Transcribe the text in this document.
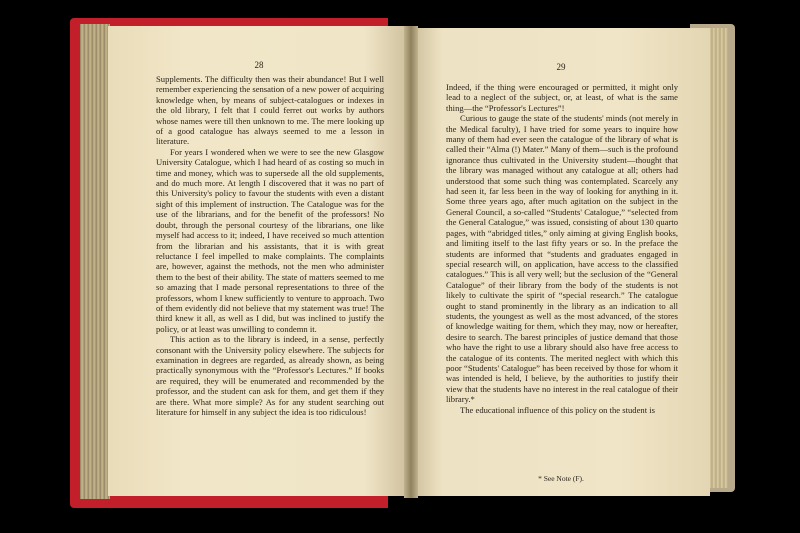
28

Supplements. The difficulty then was their abundance! But I well remember experiencing the sensation of a new power of acquiring knowledge when, by means of subject-catalogues or indexes in the old library, I felt that I could ferret out works by authors whose names were till then unknown to me. The mere looking up of a good catalogue has always seemed to me a lesson in literature.

For years I wondered when we were to see the new Glasgow University Catalogue, which I had heard of as costing so much in time and money, which was to supersede all the old supplements, and do much more. At length I discovered that it was no part of this University's policy to favour the students with even a distant sight of this implement of instruction. The Catalogue was for the use of the librarians, and for the benefit of the professors! No doubt, through the personal courtesy of the librarians, one like myself had access to it; indeed, I have received so much attention from the librarian and his assistants, that it is with great reluctance I feel impelled to make complaints. The complaints are, however, against the methods, not the men who administer them to the best of their ability. The state of matters seemed to me so amazing that I made personal representations to three of the professors, whom I knew sufficiently to venture to approach. Two of them evidently did not believe that my statement was true! The third knew it all, as well as I did, but was inclined to justify the policy, or at least was unwilling to condemn it.

This action as to the library is indeed, in a sense, perfectly consonant with the University policy elsewhere. The subjects for examination in degrees are regarded, as already shown, as being practically synonymous with the “Professor's Lectures.” If books are required, they will be enumerated and recommended by the professor, and the student can ask for them, and get them if they are there. What more simple? As for any student searching out literature for himself in any subject the idea is too ridiculous!

29

Indeed, if the thing were encouraged or permitted, it might only lead to a neglect of the subject, or, at least, of what is the same thing—the “Professor's Lectures”!

Curious to gauge the state of the students' minds (not merely in the Medical faculty), I have tried for some years to inquire how many of them had ever seen the catalogue of the library of what is called their “Alma (!) Mater.” Many of them—such is the profound ignorance thus cultivated in the University student—thought that the library was managed without any catalogue at all; others had understood that some such thing was contemplated. Scarcely any had seen it, far less been in the way of looking for anything in it. Some three years ago, after much agitation on the subject in the General Council, a so-called “Students' Catalogue,” “selected from the General Catalogue,” was issued, consisting of about 130 quarto pages, with “abridged titles,” only aiming at giving English books, and limiting itself to the last fifty years or so. In the preface the students are informed that “students and graduates engaged in special research will, on application, have access to the classified catalogues.” This is all very well; but the seclusion of the “General Catalogue” of their library from the body of the students is not likely to cultivate the spirit of “special research.” The catalogue ought to stand prominently in the library as an indication to all students, the youngest as well as the most advanced, of the stores of knowledge waiting for them, which they may, now or hereafter, desire to search. The barest principles of justice demand that those who have the right to use a library should also have free access to the catalogue of its contents. The merited neglect with which this poor “Students' Catalogue” has been received by those for whom it was intended is held, I believe, by the authorities to justify their view that the students have no interest in the real catalogue of their library.*

The educational influence of this policy on the student is

* See Note (F).
